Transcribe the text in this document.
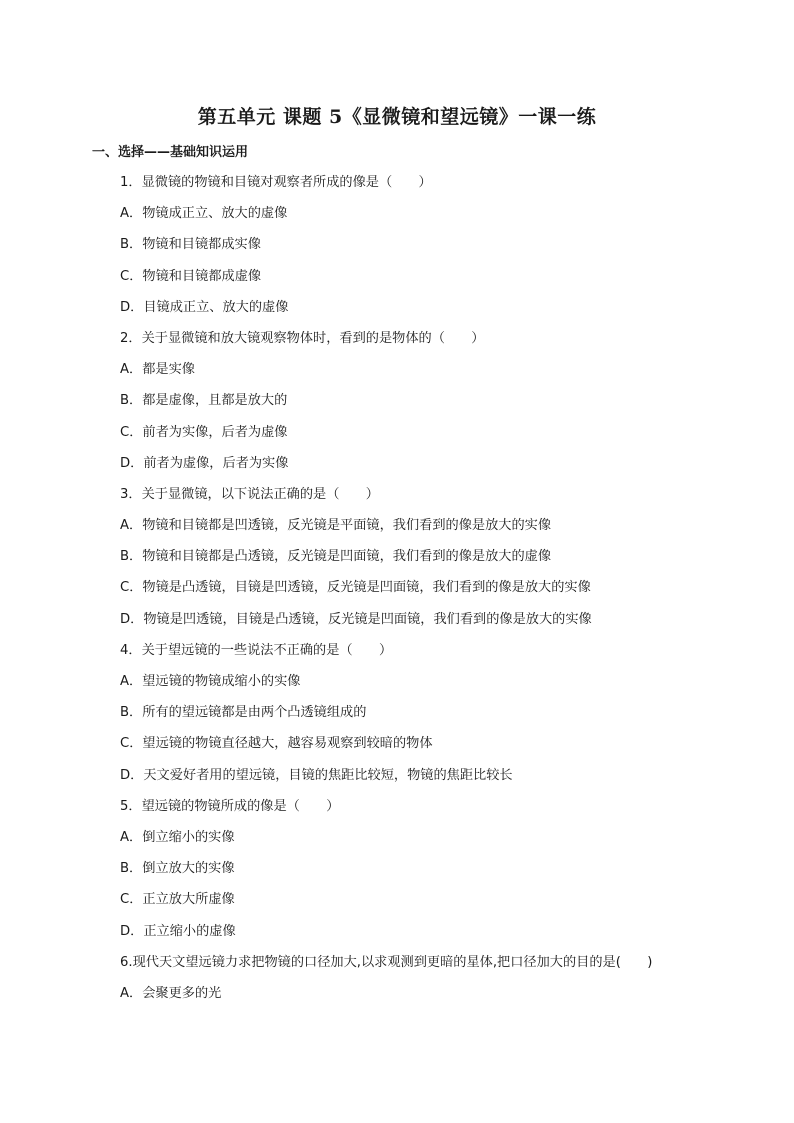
第五单元 课题 5《显微镜和望远镜》一课一练
一、选择——基础知识运用
1．显微镜的物镜和目镜对观察者所成的像是（　　）
A．物镜成正立、放大的虚像
B．物镜和目镜都成实像
C．物镜和目镜都成虚像
D．目镜成正立、放大的虚像
2．关于显微镜和放大镜观察物体时，看到的是物体的（　　）
A．都是实像
B．都是虚像，且都是放大的
C．前者为实像，后者为虚像
D．前者为虚像，后者为实像
3．关于显微镜，以下说法正确的是（　　）
A．物镜和目镜都是凹透镜，反光镜是平面镜，我们看到的像是放大的实像
B．物镜和目镜都是凸透镜，反光镜是凹面镜，我们看到的像是放大的虚像
C．物镜是凸透镜，目镜是凹透镜，反光镜是凹面镜，我们看到的像是放大的实像
D．物镜是凹透镜，目镜是凸透镜，反光镜是凹面镜，我们看到的像是放大的实像
4．关于望远镜的一些说法不正确的是（　　）
A．望远镜的物镜成缩小的实像
B．所有的望远镜都是由两个凸透镜组成的
C．望远镜的物镜直径越大，越容易观察到较暗的物体
D．天文爱好者用的望远镜，目镜的焦距比较短，物镜的焦距比较长
5．望远镜的物镜所成的像是（　　）
A．倒立缩小的实像
B．倒立放大的实像
C．正立放大所虚像
D．正立缩小的虚像
6.现代天文望远镜力求把物镜的口径加大,以求观测到更暗的星体,把口径加大的目的是(　　)
A．会聚更多的光
